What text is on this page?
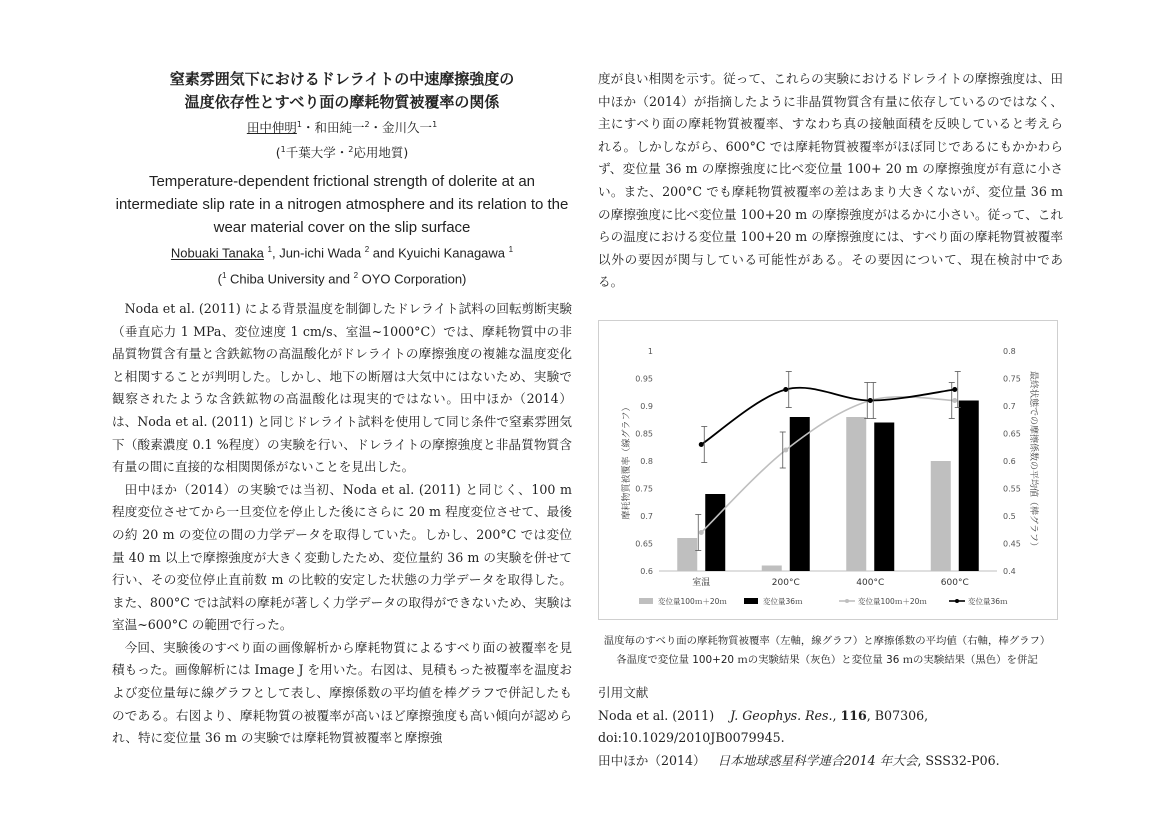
窒素雰囲気下におけるドレライトの中速摩擦強度の
温度依存性とすべり面の摩耗物質被覆率の関係
田中伸明$^1$・和田純一$^2$・金川久一$^1$
($^1$千葉大学・$^2$応用地質)
Temperature-dependent frictional strength of dolerite at an
intermediate slip rate in a nitrogen atmosphere and its relation to the
wear material cover on the slip surface
Nobuaki Tanaka $^1$, Jun-ichi Wada $^2$ and Kyuichi Kanagawa $^1$
($^1$ Chiba University and $^2$ OYO Corporation)

Noda et al. (2011) による背景温度を制御したドレライト試料の回転剪断実験（垂直応力 1 MPa、変位速度 1 cm/s、室温~1000°C）では、摩耗物質中の非晶質物質含有量と含鉄鉱物の高温酸化がドレライトの摩擦強度の複雑な温度変化と相関することが判明した。しかし、地下の断層は大気中にはないため、実験で観察されたような含鉄鉱物の高温酸化は現実的ではない。田中ほか（2014）は、Noda et al. (2011) と同じドレライト試料を使用して同じ条件で窒素雰囲気下（酸素濃度 0.1 %程度）の実験を行い、ドレライトの摩擦強度と非晶質物質含有量の間に直接的な相関関係がないことを見出した。

田中ほか（2014）の実験では当初、Noda et al. (2011) と同じく、100 m 程度変位させてから一旦変位を停止した後にさらに 20 m 程度変位させて、最後の約 20 m の変位の間の力学データを取得していた。しかし、200°C では変位量 40 m 以上で摩擦強度が大きく変動したため、変位量約 36 m の実験を併せて行い、その変位停止直前数 m の比較的安定した状態の力学データを取得した。また、800°C では試料の摩耗が著しく力学データの取得ができないため、実験は室温~600°C の範囲で行った。

今回、実験後のすべり面の画像解析から摩耗物質によるすべり面の被覆率を見積もった。画像解析には Image J を用いた。右図は、見積もった被覆率を温度および変位量毎に線グラフとして表し、摩擦係数の平均値を棒グラフで併記したものである。右図より、摩耗物質の被覆率が高いほど摩擦強度も高い傾向が認められ、特に変位量 36 m の実験では摩耗物質被覆率と摩擦強

度が良い相関を示す。従って、これらの実験におけるドレライトの摩擦強度は、田中ほか（2014）が指摘したように非晶質物質含有量に依存しているのではなく、主にすべり面の摩耗物質被覆率、すなわち真の接触面積を反映していると考えられる。しかしながら、600°C では摩耗物質被覆率がほぼ同じであるにもかかわらず、変位量 36 m の摩擦強度に比べ変位量 100+ 20 m の摩擦強度が有意に小さい。また、200°C でも摩耗物質被覆率の差はあまり大きくないが、変位量 36 m の摩擦強度に比べ変位量 100+20 m の摩擦強度がはるかに小さい。従って、これらの温度における変位量 100+20 m の摩擦強度には、すべり面の摩耗物質被覆率以外の要因が関与している可能性がある。その要因について、現在検討中である。

0.6
0.65
0.7
0.75
0.8
0.85
0.9
0.95
1
0.4
0.45
0.5
0.55
0.6
0.65
0.7
0.75
0.8
摩耗物質被覆率（線グラフ）	最終状態での摩擦係数の平均値（棒グラフ）
室温	200°C	400°C	600°C
変位量100ｍ＋20ｍ	変位量36ｍ	変位量100ｍ＋20ｍ	変位量36ｍ
温度毎のすべり面の摩耗物質被覆率（左軸，線グラフ）と摩擦係数の平均値（右軸，棒グラフ）
各温度で変位量 100+20 ｍの実験結果（灰色）と変位量 36 ｍの実験結果（黒色）を併記
引用文献
Noda et al. (2011) J. Geophys. Res., 116, B07306, doi:10.1029/2010JB0079945.
田中ほか（2014） 日本地球惑星科学連合2014 年大会, SSS32-P06.
